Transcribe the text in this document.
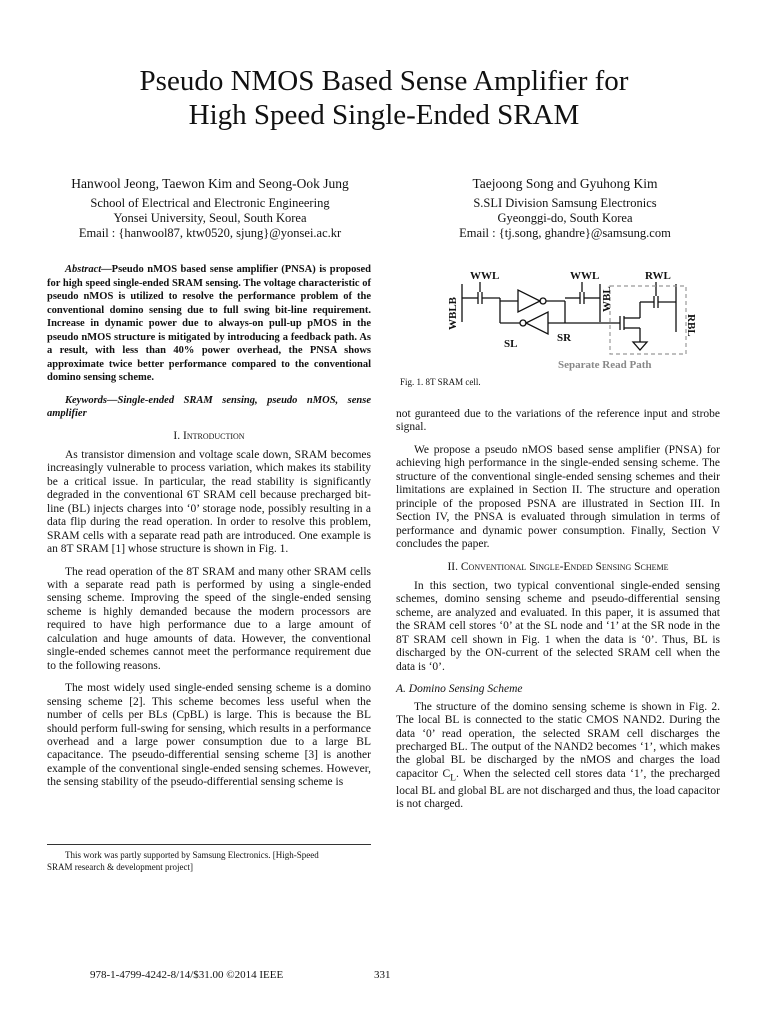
Pseudo NMOS Based Sense Amplifier for
High Speed Single-Ended SRAM
Hanwool Jeong, Taewon Kim and Seong-Ook Jung
School of Electrical and Electronic Engineering
Yonsei University, Seoul, South Korea
Email : {hanwool87, ktw0520, sjung}@yonsei.ac.kr
Taejoong Song and Gyuhong Kim
S.SLI Division Samsung Electronics
Gyeonggi-do, South Korea
Email : {tj.song, ghandre}@samsung.com

Abstract—Pseudo nMOS based sense amplifier (PNSA) is proposed for high speed single-ended SRAM sensing. The voltage characteristic of pseudo nMOS is utilized to resolve the performance problem of the conventional domino sensing due to full swing bit-line requirement. Increase in dynamic power due to always-on pull-up pMOS in the pseudo nMOS structure is mitigated by introducing a feedback path. As a result, with less than 40% power overhead, the PNSA shows approximate twice better performance compared to the conventional domino sensing scheme.

Keywords—Single-ended SRAM sensing, pseudo nMOS, sense amplifier

I. Introduction

As transistor dimension and voltage scale down, SRAM becomes increasingly vulnerable to process variation, which makes its stability be a critical issue. In particular, the read stability is significantly degraded in the conventional 6T SRAM cell because precharged bit-line (BL) injects charges into ‘0’ storage node, possibly resulting in a data flip during the read operation. In order to resolve this problem, SRAM cells with a separate read path are introduced. One example is an 8T SRAM [1] whose structure is shown in Fig. 1.

The read operation of the 8T SRAM and many other SRAM cells with a separate read path is performed by using a single-ended sensing scheme. Improving the speed of the single-ended sensing scheme is highly demanded because the modern processors are required to have high performance due to a large amount of calculation and huge amounts of data. However, the conventional single-ended schemes cannot meet the performance requirement due to the following reasons.

The most widely used single-ended sensing scheme is a domino sensing scheme [2]. This scheme becomes less useful when the number of cells per BLs (CpBL) is large. This is because the BL should perform full-swing for sensing, which results in a performance overhead and a large power consumption due to a large BL capacitance. The pseudo-differential sensing scheme [3] is another example of the conventional single-ended sensing schemes. However, the sensing stability of the pseudo-differential sensing scheme is

WWL	WWL	RWL
SL	SR
WBLB	WBL
RBL
Separate Read Path
Fig. 1. 8T SRAM cell.

not guranteed due to the variations of the reference input and strobe signal.

We propose a pseudo nMOS based sense amplifier (PNSA) for achieving high performance in the single-ended sensing scheme. The structure of the conventional single-ended sensing schemes and their limitations are explained in Section II. The structure and operation principle of the proposed PSNA are illustrated in Section III. In Section IV, the PNSA is evaluated through simulation in terms of performance and dynamic power consumption. Finally, Section V concludes the paper.

II. Conventional Single-Ended Sensing Scheme

In this section, two typical conventional single-ended sensing schemes, domino sensing scheme and pseudo-differential sensing scheme, are analyzed and evaluated. In this paper, it is assumed that the SRAM cell stores ‘0’ at the SL node and ‘1’ at the SR node in the 8T SRAM cell shown in Fig. 1 when the data is ‘0’. Thus, BL is discharged by the ON-current of the selected SRAM cell when the data is ‘0’.

A. Domino Sensing Scheme

The structure of the domino sensing scheme is shown in Fig. 2. The local BL is connected to the static CMOS NAND2. During the data ‘0’ read operation, the selected SRAM cell discharges the precharged BL. The output of the NAND2 becomes ‘1’, which makes the global BL be discharged by the nMOS and charges the load capacitor $C_L$. When the selected cell stores data ‘1’, the precharged local BL and global BL are not discharged and thus, the load capacitor is not charged.

This work was partly supported by Samsung Electronics. [High-Speed
SRAM research & development project]
978-1-4799-4242-8/14/$31.00 ©2014 IEEE	331
